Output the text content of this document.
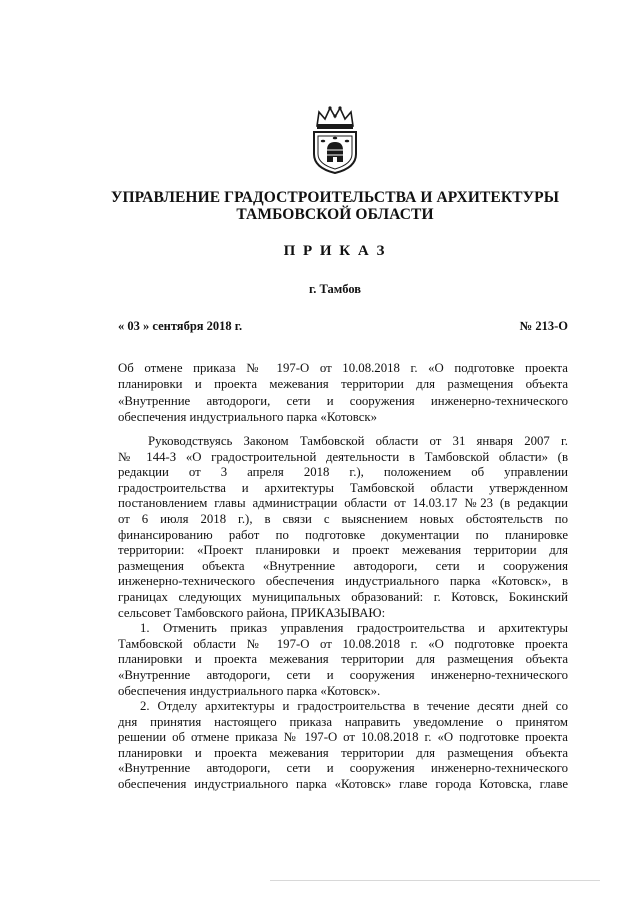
УПРАВЛЕНИЕ ГРАДОСТРОИТЕЛЬСТВА И АРХИТЕКТУРЫ
ТАМБОВСКОЙ ОБЛАСТИ
П Р И К А З
г. Тамбов
« 03 » сентября 2018 г.	№ 213-О
Об отмене приказа № 197-О от 10.08.2018 г. «О подготовке проекта
планировки и проекта межевания территории для размещения объекта
«Внутренние автодороги, сети и сооружения инженерно-технического
обеспечения индустриального парка «Котовск»
Руководствуясь Законом Тамбовской области от 31 января 2007 г.
№ 144-З «О градостроительной деятельности в Тамбовской области» (в
редакции от 3 апреля 2018 г.), положением об управлении
градостроительства и архитектуры Тамбовской области утвержденном
постановлением главы администрации области от 14.03.17 №23 (в редакции
от 6 июля 2018 г.), в связи с выяснением новых обстоятельств по
финансированию работ по подготовке документации по планировке
территории: «Проект планировки и проект межевания территории для
размещения объекта «Внутренние автодороги, сети и сооружения
инженерно-технического обеспечения индустриального парка «Котовск», в
границах следующих муниципальных образований: г. Котовск, Бокинский
сельсовет Тамбовского района, ПРИКАЗЫВАЮ:
1. Отменить приказ управления градостроительства и архитектуры
Тамбовской области № 197-О от 10.08.2018 г. «О подготовке проекта
планировки и проекта межевания территории для размещения объекта
«Внутренние автодороги, сети и сооружения инженерно-технического
обеспечения индустриального парка «Котовск».
2. Отделу архитектуры и градостроительства в течение десяти дней со
дня принятия настоящего приказа направить уведомление о принятом
решении об отмене приказа № 197-О от 10.08.2018 г. «О подготовке проекта
планировки и проекта межевания территории для размещения объекта
«Внутренние автодороги, сети и сооружения инженерно-технического
обеспечения индустриального парка «Котовск» главе города Котовска, главе
